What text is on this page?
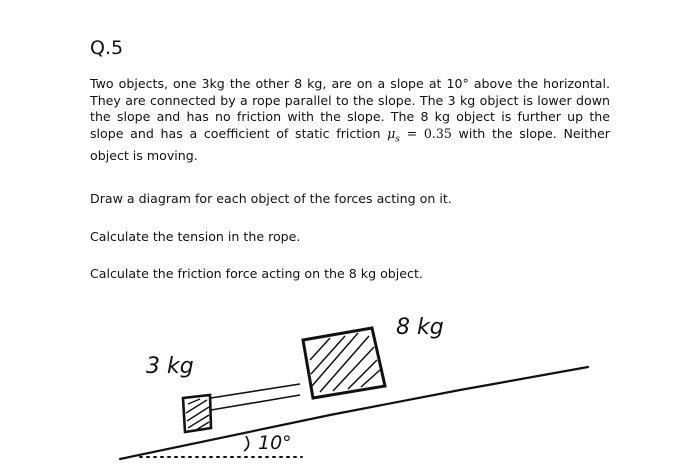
Q.5
Two objects, one 3kg the other 8 kg, are on a slope at 10° above the horizontal. They are connected by a rope parallel to the slope. The 3 kg object is lower down the slope and has no friction with the slope. The 8 kg object is further up the slope and has a coefficient of static friction $\mu_s = 0.35$ with the slope. Neither object is moving.
Draw a diagram for each object of the forces acting on it.
Calculate the tension in the rope.
Calculate the friction force acting on the 8 kg object.
3 kg
8 kg
10°
